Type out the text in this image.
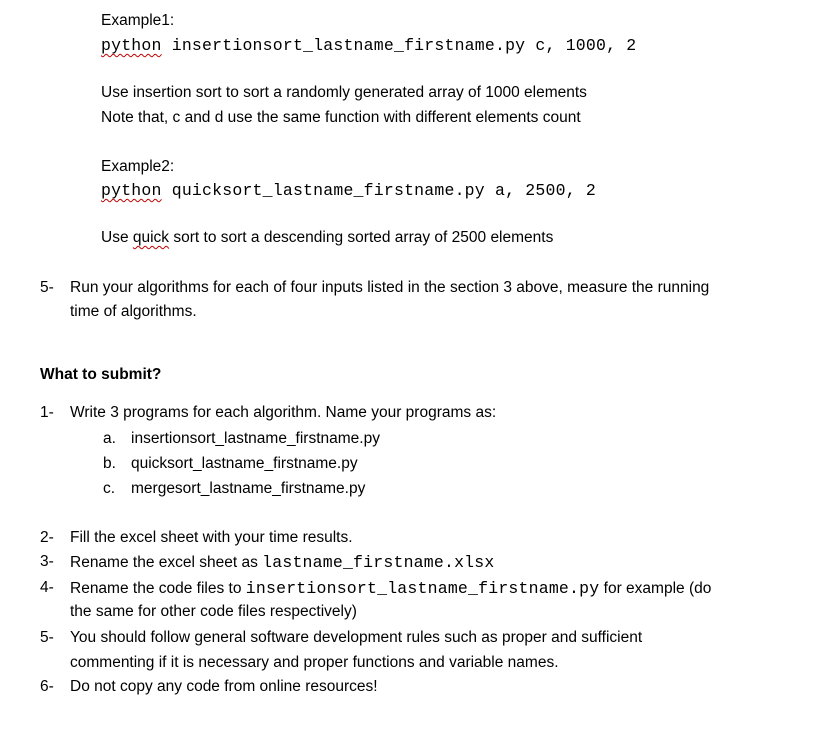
Example1:
python insertionsort_lastname_firstname.py c, 1000, 2
Use insertion sort to sort a randomly generated array of 1000 elements
Note that, c and d use the same function with different elements count
Example2:
python quicksort_lastname_firstname.py a, 2500, 2
Use quick sort to sort a descending sorted array of 2500 elements
5- Run your algorithms for each of four inputs listed in the section 3 above, measure the running
time of algorithms.
What to submit?
1- Write 3 programs for each algorithm. Name your programs as:
a. insertionsort_lastname_firstname.py
b. quicksort_lastname_firstname.py
c. mergesort_lastname_firstname.py
2- Fill the excel sheet with your time results.
3- Rename the excel sheet as lastname_firstname.xlsx
4- Rename the code files to insertionsort_lastname_firstname.py for example (do
the same for other code files respectively)
5- You should follow general software development rules such as proper and sufficient
commenting if it is necessary and proper functions and variable names.
6- Do not copy any code from online resources!
